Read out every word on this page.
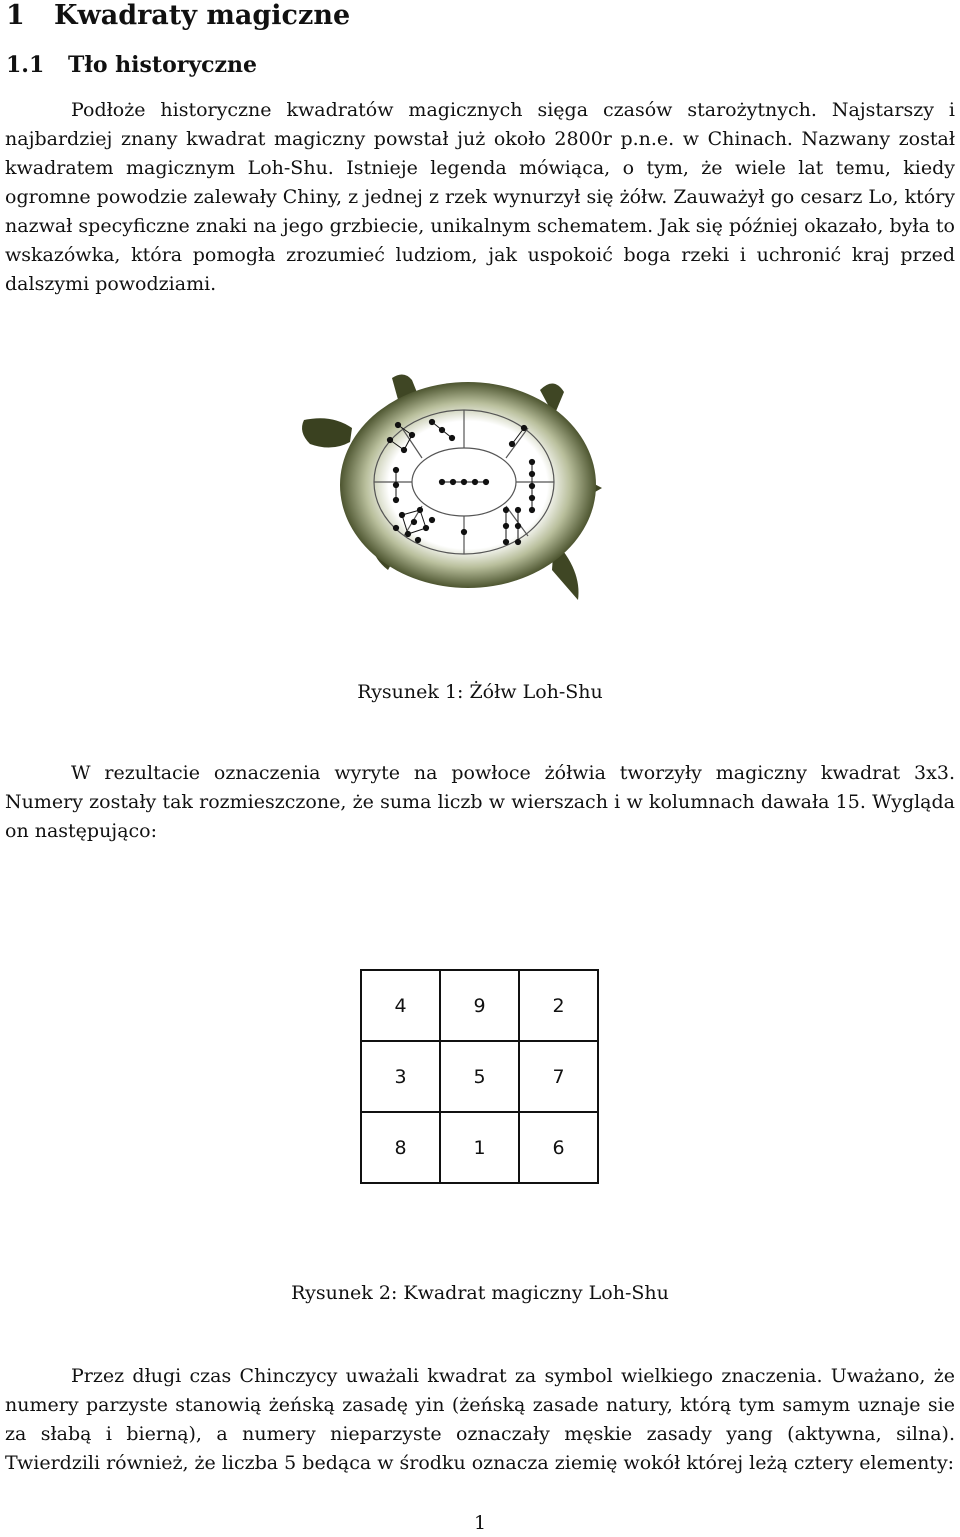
1 Kwadraty magiczne
1.1 Tło historyczne

Podłoże historyczne kwadratów magicznych sięga czasów starożytnych. Najstarszy i najbardziej znany kwadrat magiczny powstał już około 2800r p.n.e. w Chinach. Nazwany został kwadratem magicznym Loh-Shu. Istnieje legenda mówiąca, o tym, że wiele lat temu, kiedy ogromne powodzie zalewały Chiny, z jednej z rzek wynurzył się żółw. Zauważył go cesarz Lo, który nazwał specyficzne znaki na jego grzbiecie, unikalnym schematem. Jak się później okazało, była to wskazówka, która pomogła zrozumieć ludziom, jak uspokoić boga rzeki i uchronić kraj przed dalszymi powodziami.

Rysunek 1: Żółw Loh-Shu

W rezultacie oznaczenia wyryte na powłoce żółwia tworzyły magiczny kwadrat 3x3. Numery zostały tak rozmieszczone, że suma liczb w wierszach i w kolumnach dawała 15. Wygląda on następująco:

4	9	2
3	5	7
8	1	6

Rysunek 2: Kwadrat magiczny Loh-Shu

Przez długi czas Chinczycy uważali kwadrat za symbol wielkiego znaczenia. Uważano, że numery parzyste stanowią żeńską zasadę yin (żeńską zasade natury, którą tym samym uznaje sie za słabą i bierną), a numery nieparzyste oznaczały męskie zasady yang (aktywna, silna). Twierdzili również, że liczba 5 bedąca w środku oznacza ziemię wokół której leżą cztery elementy:

1
